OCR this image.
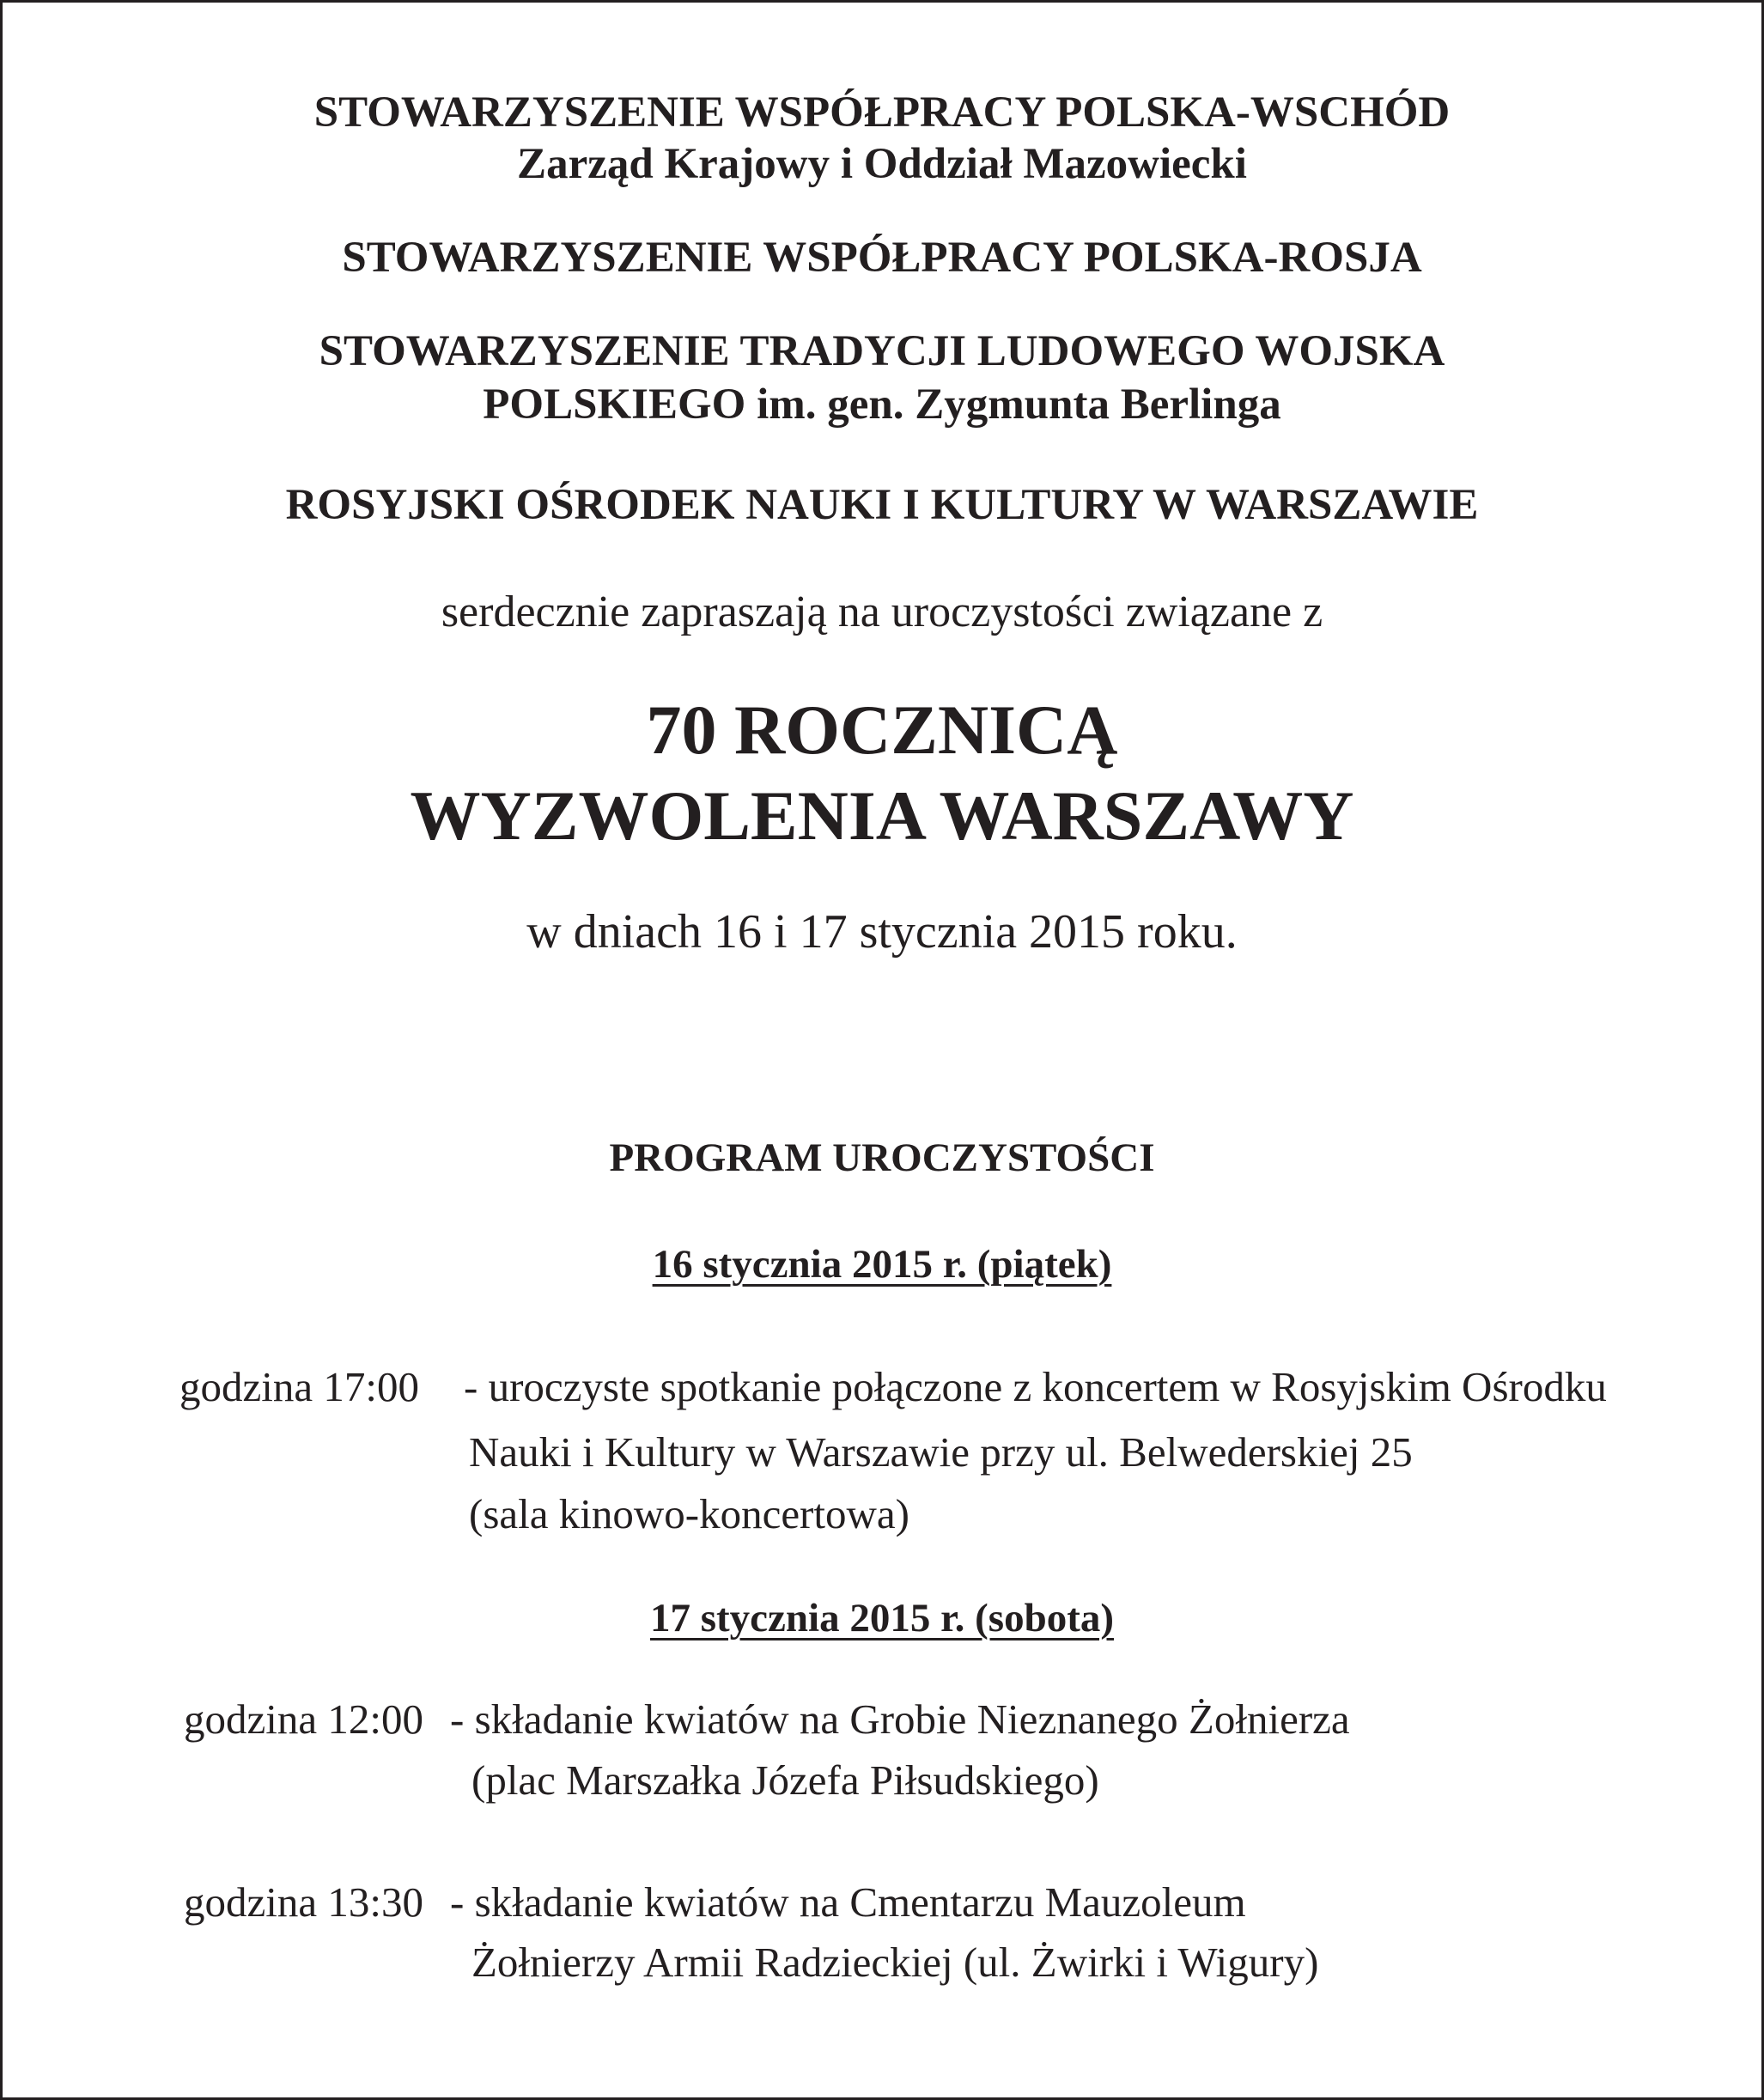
STOWARZYSZENIE WSPÓŁPRACY POLSKA-WSCHÓD
Zarząd Krajowy i Oddział Mazowiecki
STOWARZYSZENIE WSPÓŁPRACY POLSKA-ROSJA
STOWARZYSZENIE TRADYCJI LUDOWEGO WOJSKA
POLSKIEGO im. gen. Zygmunta Berlinga
ROSYJSKI OŚRODEK NAUKI I KULTURY W WARSZAWIE
serdecznie zapraszają na uroczystości związane z
70 ROCZNICĄ
WYZWOLENIA WARSZAWY
w dniach 16 i 17 stycznia 2015 roku.
PROGRAM UROCZYSTOŚCI
16 stycznia 2015 r. (piątek)
godzina 17:00 - uroczyste spotkanie połączone z koncertem w Rosyjskim Ośrodku
Nauki i Kultury w Warszawie przy ul. Belwederskiej 25
(sala kinowo-koncertowa)
17 stycznia 2015 r. (sobota)
godzina 12:00 - składanie kwiatów na Grobie Nieznanego Żołnierza
(plac Marszałka Józefa Piłsudskiego)
godzina 13:30 - składanie kwiatów na Cmentarzu Mauzoleum
Żołnierzy Armii Radzieckiej (ul. Żwirki i Wigury)
